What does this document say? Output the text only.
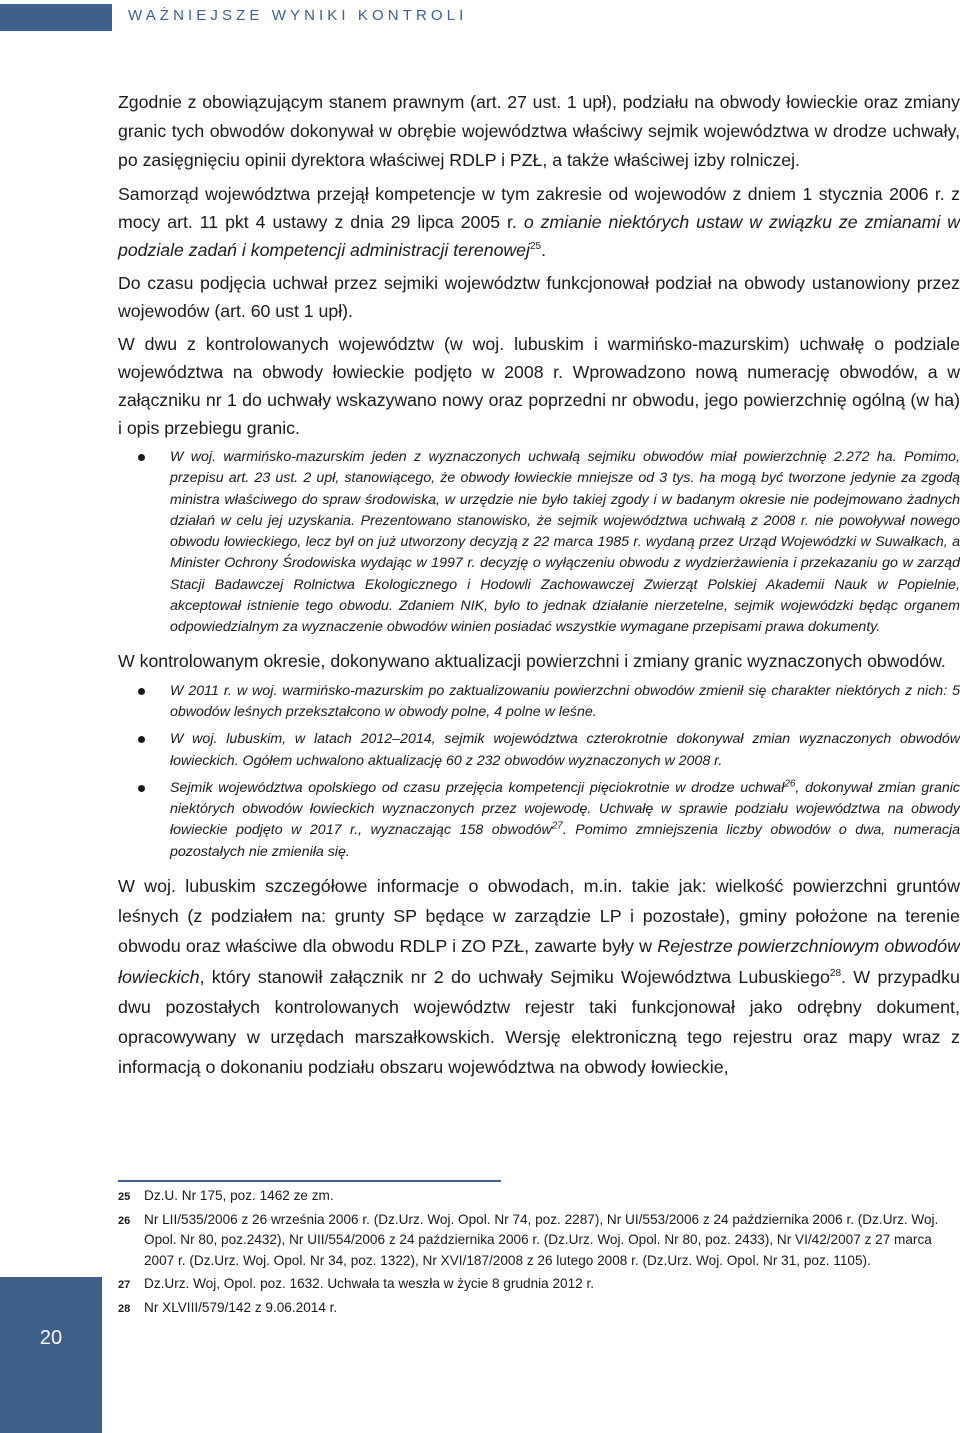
WAŻNIEJSZE WYNIKI KONTROLI

Zgodnie z obowiązującym stanem prawnym (art. 27 ust. 1 upł), podziału na obwody łowieckie oraz zmiany granic tych obwodów dokonywał w obrębie województwa właściwy sejmik województwa w drodze uchwały, po zasięgnięciu opinii dyrektora właściwej RDLP i PZŁ, a także właściwej izby rolniczej.

Samorząd województwa przejął kompetencje w tym zakresie od wojewodów z dniem 1 stycznia 2006 r. z mocy art. 11 pkt 4 ustawy z dnia 29 lipca 2005 r. o zmianie niektórych ustaw w związku ze zmianami w podziale zadań i kompetencji administracji terenowej$^{25}$.

Do czasu podjęcia uchwał przez sejmiki województw funkcjonował podział na obwody ustanowiony przez wojewodów (art. 60 ust 1 upł).

W dwu z kontrolowanych województw (w woj. lubuskim i warmińsko-mazurskim) uchwałę o podziale województwa na obwody łowieckie podjęto w 2008 r. Wprowadzono nową numerację obwodów, a w załączniku nr 1 do uchwały wskazywano nowy oraz poprzedni nr obwodu, jego powierzchnię ogólną (w ha) i opis przebiegu granic.

W woj. warmińsko-mazurskim jeden z wyznaczonych uchwałą sejmiku obwodów miał powierzchnię 2.272 ha. Pomimo, przepisu art. 23 ust. 2 upł, stanowiącego, że obwody łowieckie mniejsze od 3 tys. ha mogą być tworzone jedynie za zgodą ministra właściwego do spraw środowiska, w urzędzie nie było takiej zgody i w badanym okresie nie podejmowano żadnych działań w celu jej uzyskania. Prezentowano stanowisko, że sejmik województwa uchwałą z 2008 r. nie powoływał nowego obwodu łowieckiego, lecz był on już utworzony decyzją z 22 marca 1985 r. wydaną przez Urząd Wojewódzki w Suwałkach, a Minister Ochrony Środowiska wydając w 1997 r. decyzję o wyłączeniu obwodu z wydzierżawienia i przekazaniu go w zarząd Stacji Badawczej Rolnictwa Ekologicznego i Hodowli Zachowawczej Zwierząt Polskiej Akademii Nauk w Popielnie, akceptował istnienie tego obwodu. Zdaniem NIK, było to jednak działanie nierzetelne, sejmik wojewódzki będąc organem odpowiedzialnym za wyznaczenie obwodów winien posiadać wszystkie wymagane przepisami prawa dokumenty.

W kontrolowanym okresie, dokonywano aktualizacji powierzchni i zmiany granic wyznaczonych obwodów.

W 2011 r. w woj. warmińsko-mazurskim po zaktualizowaniu powierzchni obwodów zmienił się charakter niektórych z nich: 5 obwodów leśnych przekształcono w obwody polne, 4 polne w leśne.
W woj. lubuskim, w latach 2012–2014, sejmik województwa czterokrotnie dokonywał zmian wyznaczonych obwodów łowieckich. Ogółem uchwalono aktualizację 60 z 232 obwodów wyznaczonych w 2008 r.
Sejmik województwa opolskiego od czasu przejęcia kompetencji pięciokrotnie w drodze uchwał$^{26}$, dokonywał zmian granic niektórych obwodów łowieckich wyznaczonych przez wojewodę. Uchwałę w sprawie podziału województwa na obwody łowieckie podjęto w 2017 r., wyznaczając 158 obwodów$^{27}$. Pomimo zmniejszenia liczby obwodów o dwa, numeracja pozostałych nie zmieniła się.

W woj. lubuskim szczegółowe informacje o obwodach, m.in. takie jak: wielkość powierzchni gruntów leśnych (z podziałem na: grunty SP będące w zarządzie LP i pozostałe), gminy położone na terenie obwodu oraz właściwe dla obwodu RDLP i ZO PZŁ, zawarte były w Rejestrze powierzchniowym obwodów łowieckich, który stanowił załącznik nr 2 do uchwały Sejmiku Województwa Lubuskiego$^{28}$. W przypadku dwu pozostałych kontrolowanych województw rejestr taki funkcjonował jako odrębny dokument, opracowywany w urzędach marszałkowskich. Wersję elektroniczną tego rejestru oraz mapy wraz z informacją o dokonaniu podziału obszaru województwa na obwody łowieckie,

25 Dz.U. Nr 175, poz. 1462 ze zm.
26 Nr LII/535/2006 z 26 września 2006 r. (Dz.Urz. Woj. Opol. Nr 74, poz. 2287), Nr UI/553/2006 z 24 października 2006 r. (Dz.Urz. Woj. Opol. Nr 80, poz.2432), Nr UII/554/2006 z 24 października 2006 r. (Dz.Urz. Woj. Opol. Nr 80, poz. 2433), Nr VI/42/2007 z 27 marca 2007 r. (Dz.Urz. Woj. Opol. Nr 34, poz. 1322), Nr XVI/187/2008 z 26 lutego 2008 r. (Dz.Urz. Woj. Opol. Nr 31, poz. 1105).
27 Dz.Urz. Woj, Opol. poz. 1632. Uchwała ta weszła w życie 8 grudnia 2012 r.
28 Nr XLVIII/579/142 z 9.06.2014 r.
20
